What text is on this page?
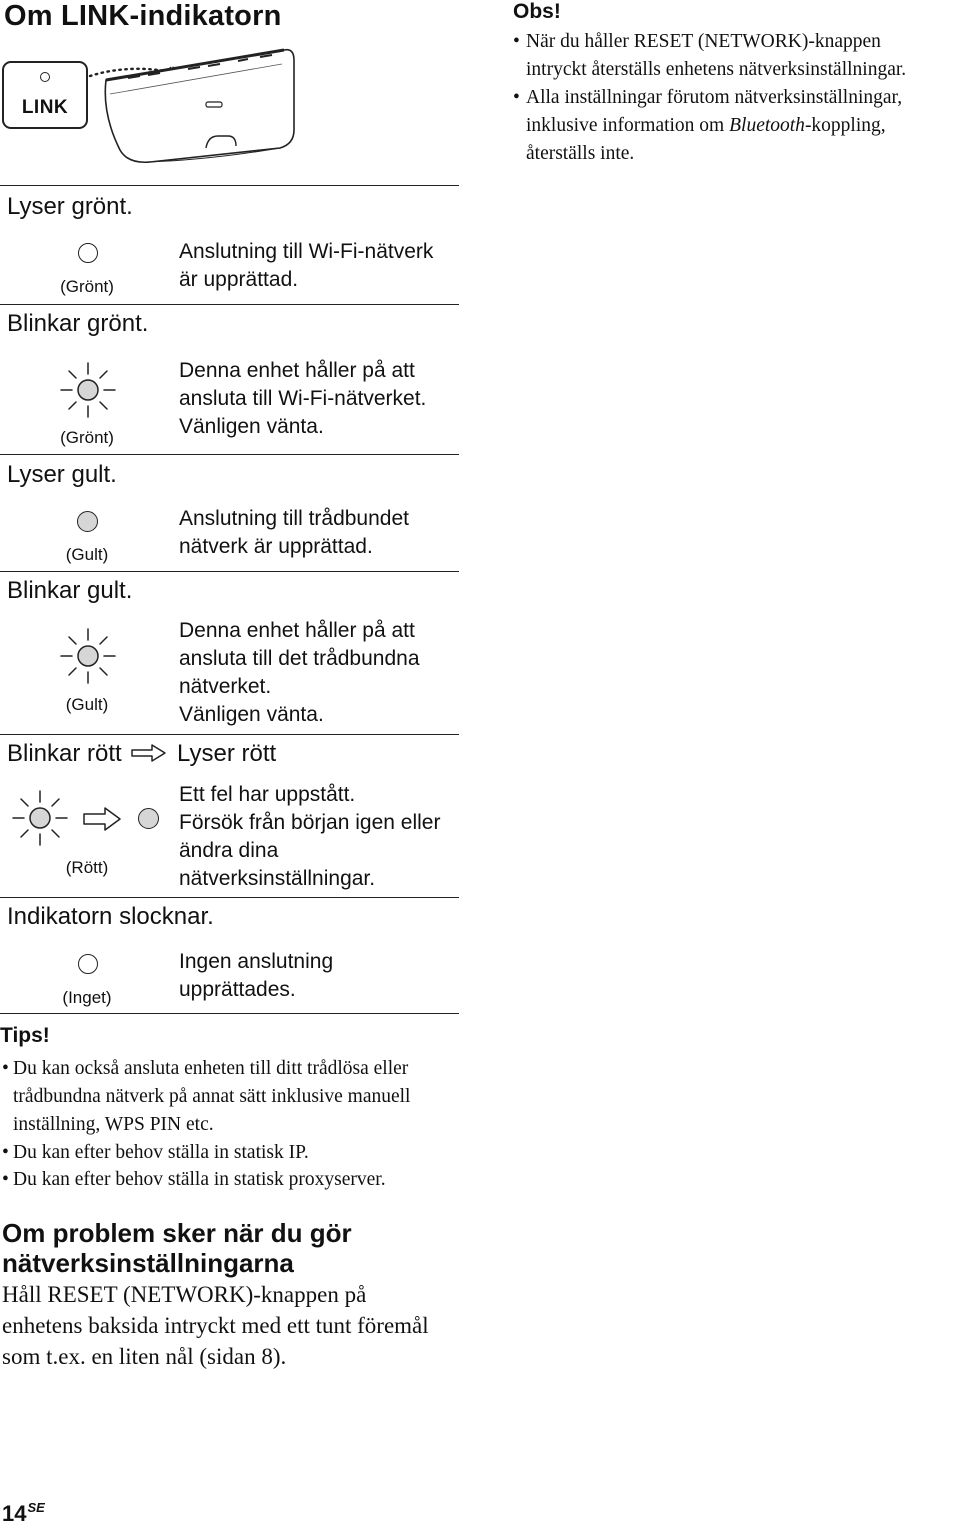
Om LINK-indikatorn
LINK
Lyser grönt.
(Grönt)
Anslutning till Wi-Fi-nätverk
är upprättad.
Blinkar grönt.
(Grönt)
Denna enhet håller på att
ansluta till Wi-Fi-nätverket.
Vänligen vänta.
Lyser gult.
(Gult)
Anslutning till trådbundet
nätverk är upprättad.
Blinkar gult.
(Gult)
Denna enhet håller på att
ansluta till det trådbundna
nätverket.
Vänligen vänta.
Blinkar rött Lyser rött
(Rött)
Ett fel har uppstått.
Försök från början igen eller
ändra dina
nätverksinställningar.
Indikatorn slocknar.
(Inget)
Ingen anslutning
upprättades.
Tips!
• Du kan också ansluta enheten till ditt trådlösa eller
trådbundna nätverk på annat sätt inklusive manuell
inställning, WPS PIN etc.
• Du kan efter behov ställa in statisk IP.
• Du kan efter behov ställa in statisk proxyserver.
Om problem sker när du gör
nätverksinställningarna
Håll RESET (NETWORK)-knappen på
enhetens baksida intryckt med ett tunt föremål
som t.ex. en liten nål (sidan 8).
$14^{SE}$
Obs!
• När du håller RESET (NETWORK)-knappen
intryckt återställs enhetens nätverksinställningar.
• Alla inställningar förutom nätverksinställningar,
inklusive information om Bluetooth-koppling,
återställs inte.
